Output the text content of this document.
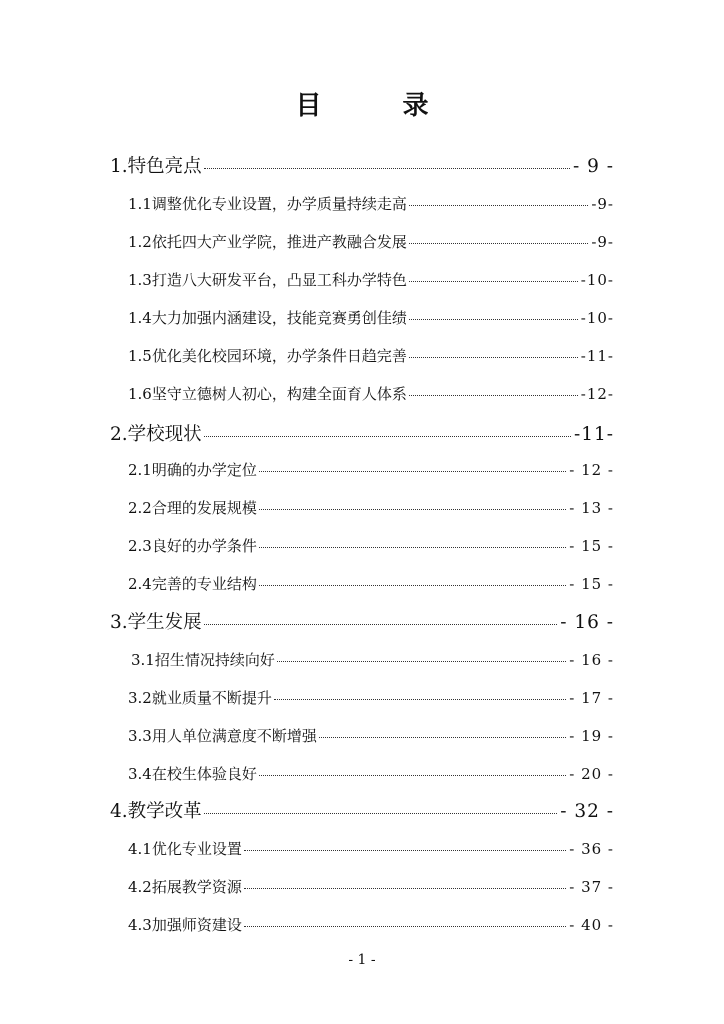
目 录
1.特色亮点	- 9 -
1.1调整优化专业设置，办学质量持续走高	-9-
1.2依托四大产业学院，推进产教融合发展	-9-
1.3打造八大研发平台，凸显工科办学特色	-10-
1.4大力加强内涵建设，技能竞赛勇创佳绩	-10-
1.5优化美化校园环境，办学条件日趋完善	-11-
1.6坚守立德树人初心，构建全面育人体系	-12-
2.学校现状	-11-
2.1明确的办学定位	- 12 -
2.2合理的发展规模	- 13 -
2.3良好的办学条件	- 15 -
2.4完善的专业结构	- 15 -
3.学生发展	- 16 -
3.1招生情况持续向好	- 16 -
3.2就业质量不断提升	- 17 -
3.3用人单位满意度不断增强	- 19 -
3.4在校生体验良好	- 20 -
4.教学改革	- 32 -
4.1优化专业设置	- 36 -
4.2拓展教学资源	- 37 -
4.3加强师资建设	- 40 -
- 1 -
